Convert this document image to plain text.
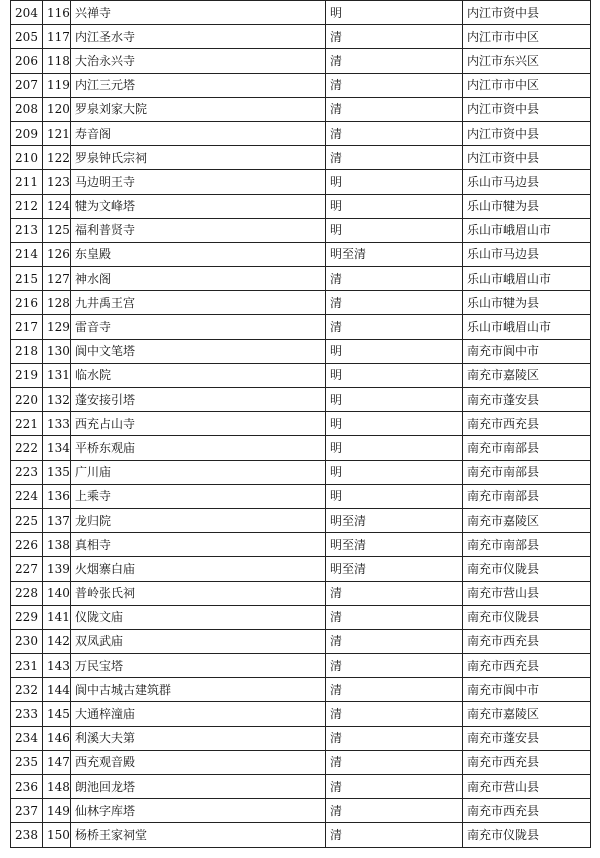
204	116	兴禅寺	明	内江市资中县
205	117	内江圣水寺	清	内江市市中区
206	118	大治永兴寺	清	内江市东兴区
207	119	内江三元塔	清	内江市市中区
208	120	罗泉刘家大院	清	内江市资中县
209	121	寿音阁	清	内江市资中县
210	122	罗泉钟氏宗祠	清	内江市资中县
211	123	马边明王寺	明	乐山市马边县
212	124	犍为文峰塔	明	乐山市犍为县
213	125	福利普贤寺	明	乐山市峨眉山市
214	126	东皇殿	明至清	乐山市马边县
215	127	神水阁	清	乐山市峨眉山市
216	128	九井禹王宫	清	乐山市犍为县
217	129	雷音寺	清	乐山市峨眉山市
218	130	阆中文笔塔	明	南充市阆中市
219	131	临水院	明	南充市嘉陵区
220	132	蓬安接引塔	明	南充市蓬安县
221	133	西充占山寺	明	南充市西充县
222	134	平桥东观庙	明	南充市南部县
223	135	广川庙	明	南充市南部县
224	136	上乘寺	明	南充市南部县
225	137	龙归院	明至清	南充市嘉陵区
226	138	真相寺	明至清	南充市南部县
227	139	火烟寨白庙	明至清	南充市仪陇县
228	140	普岭张氏祠	清	南充市营山县
229	141	仪陇文庙	清	南充市仪陇县
230	142	双凤武庙	清	南充市西充县
231	143	万民宝塔	清	南充市西充县
232	144	阆中古城古建筑群	清	南充市阆中市
233	145	大通梓潼庙	清	南充市嘉陵区
234	146	利溪大夫第	清	南充市蓬安县
235	147	西充观音殿	清	南充市西充县
236	148	朗池回龙塔	清	南充市营山县
237	149	仙林字库塔	清	南充市西充县
238	150	杨桥王家祠堂	清	南充市仪陇县
